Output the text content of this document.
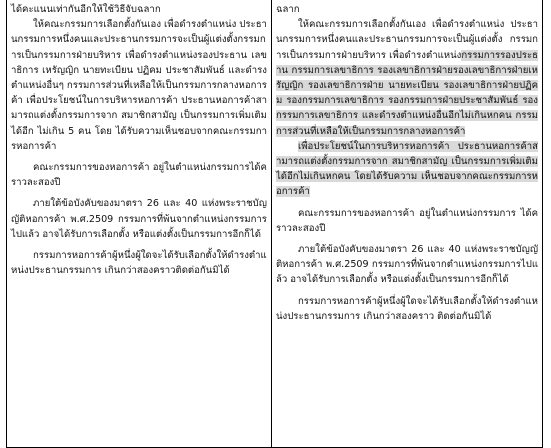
ได้คะแนนเท่ากันอีกให้ใช้วิธีจับฉลาก

ให้คณะกรรมการเลือกตั้งกันเอง เพื่อดำรงตำแหน่ง ประธานกรรมการหนึ่งคนและประธานกรรมการจะเป็นผู้แต่งตั้งกรรมการเป็นกรรมการฝ่ายบริหาร เพื่อดำรงตำแหน่งรองประธาน เลขาธิการ เหรัญญิก นายทะเบียน ปฏิคม ประชาสัมพันธ์ และดำรงตำแหน่งอื่นๆ กรรมการส่วนที่เหลือให้เป็นกรรมการกลางหอการค้า เพื่อประโยชน์ในการบริหารหอการค้า ประธานหอการค้าสามารถแต่งตั้งกรรมการจาก สมาชิกสามัญ เป็นกรรมการเพิ่มเติมได้อีก ไม่เกิน 5 คน โดย ได้รับความเห็นชอบจากคณะกรรมการหอการค้า

คณะกรรมการของหอการค้า อยู่ในตำแหน่งกรรมการได้คราวละสองปี

ภายใต้ข้อบังคับของมาตรา 26 และ 40 แห่งพระราชบัญญัติหอการค้า พ.ศ.2509 กรรมการที่พ้นจากตำแหน่งกรรมการไปแล้ว อาจได้รับการเลือกตั้ง หรือแต่งตั้งเป็นกรรมการอีกก็ได้

กรรมการหอการค้าผู้หนึ่งผู้ใดจะได้รับเลือกตั้งให้ดำรงตำแหน่งประธานกรรมการ เกินกว่าสองคราวติดต่อกันมิได้

ฉลาก

ให้คณะกรรมการเลือกตั้งกันเอง เพื่อดำรงตำแหน่ง ประธานกรรมการหนึ่งคนและประธานกรรมการจะเป็นผู้แต่งตั้ง กรรมการเป็นกรรมการฝ่ายบริหาร เพื่อดำรงตำแหน่งกรรมการรองประธาน กรรมการเลขาธิการ รองเลขาธิการฝ่ายรองเลขาธิการฝ่ายเหรัญญิก รองเลขาธิการฝ่าย นายทะเบียน รองเลขาธิการฝ่ายปฏิคม รองกรรมการเลขาธิการ รองกรรมการฝ่ายประชาสัมพันธ์ รองกรรมการเลขาธิการ และดำรงตำแหน่งอื่นอีกไม่เกินหกคน กรรมการส่วนที่เหลือให้เป็นกรรมการกลางหอการค้า

เพื่อประโยชน์ในการบริหารหอการค้า ประธานหอการค้าสามารถแต่งตั้งกรรมการจาก สมาชิกสามัญ เป็นกรรมการเพิ่มเติมได้อีกไม่เกินหกคน โดยได้รับความ เห็นชอบจากคณะกรรมการหอการค้า

คณะกรรมการของหอการค้า อยู่ในตำแหน่งกรรมการ ได้คราวละสองปี

ภายใต้ข้อบังคับของมาตรา 26 และ 40 แห่งพระราชบัญญัติหอการค้า พ.ศ.2509 กรรมการที่พ้นจากตำแหน่งกรรมการไปแล้ว อาจได้รับการเลือกตั้ง หรือแต่งตั้งเป็นกรรมการอีกก็ได้

กรรมการหอการค้าผู้หนึ่งผู้ใดจะได้รับเลือกตั้งให้ดำรงตำแหน่งประธานกรรมการ เกินกว่าสองคราว ติดต่อกันมิได้
